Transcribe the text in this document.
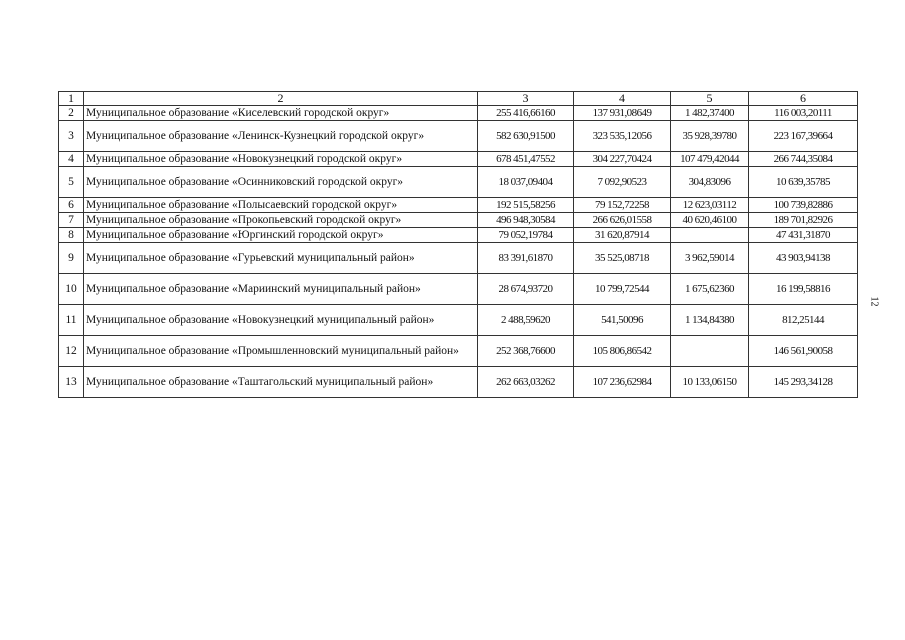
1	2	3	4	5	6
2	Муниципальное образование «Киселевский городской округ»	255 416,66160	137 931,08649	1 482,37400	116 003,20111
3	Муниципальное образование «Ленинск-Кузнецкий городской округ»	582 630,91500	323 535,12056	35 928,39780	223 167,39664
4	Муниципальное образование «Новокузнецкий городской округ»	678 451,47552	304 227,70424	107 479,42044	266 744,35084
5	Муниципальное образование «Осинниковский городской округ»	18 037,09404	7 092,90523	304,83096	10 639,35785
6	Муниципальное образование «Полысаевский городской округ»	192 515,58256	79 152,72258	12 623,03112	100 739,82886
7	Муниципальное образование «Прокопьевский городской округ»	496 948,30584	266 626,01558	40 620,46100	189 701,82926
8	Муниципальное образование «Юргинский городской округ»	79 052,19784	31 620,87914		47 431,31870
9	Муниципальное образование «Гурьевский муниципальный район»	83 391,61870	35 525,08718	3 962,59014	43 903,94138
10	Муниципальное образование «Мариинский муниципальный район»	28 674,93720	10 799,72544	1 675,62360	16 199,58816
11	Муниципальное образование «Новокузнецкий муниципальный район»	2 488,59620	541,50096	1 134,84380	812,25144
12	Муниципальное образование «Промышленновский муниципальный район»	252 368,76600	105 806,86542		146 561,90058
13	Муниципальное образование «Таштагольский муниципальный район»	262 663,03262	107 236,62984	10 133,06150	145 293,34128
12
